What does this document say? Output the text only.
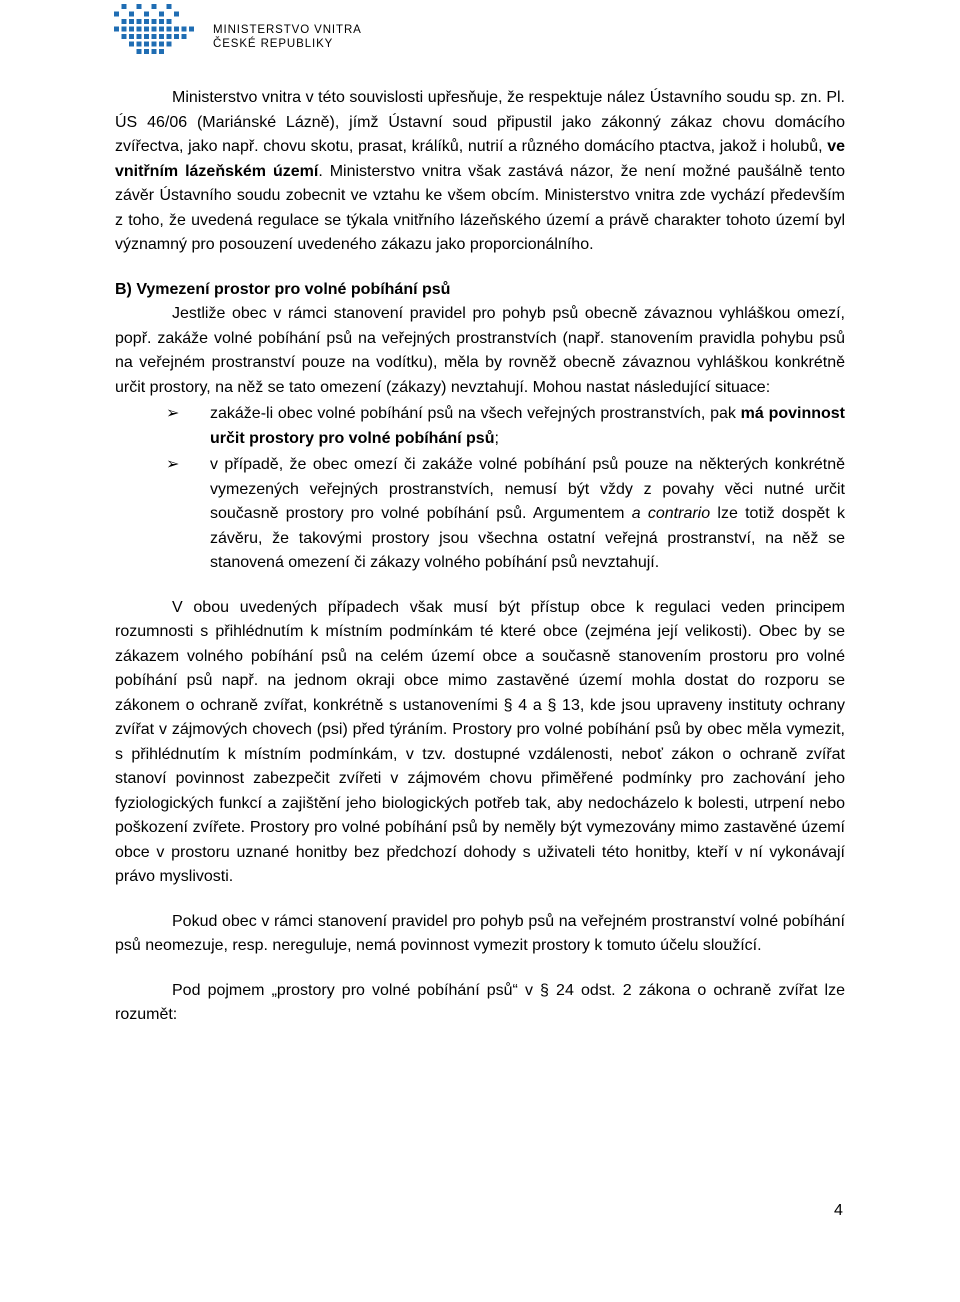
MINISTERSTVO VNITRA
ČESKÉ REPUBLIKY

Ministerstvo vnitra v této souvislosti upřesňuje, že respektuje nález Ústavního soudu sp. zn. Pl. ÚS 46/06 (Mariánské Lázně), jímž Ústavní soud připustil jako zákonný zákaz chovu domácího zvířectva, jako např. chovu skotu, prasat, králíků, nutrií a různého domácího ptactva, jakož i holubů, ve vnitřním lázeňském území. Ministerstvo vnitra však zastává názor, že není možné paušálně tento závěr Ústavního soudu zobecnit ve vztahu ke všem obcím. Ministerstvo vnitra zde vychází především z toho, že uvedená regulace se týkala vnitřního lázeňského území a právě charakter tohoto území byl významný pro posouzení uvedeného zákazu jako proporcionálního.

B) Vymezení prostor pro volné pobíhání psů

Jestliže obec v rámci stanovení pravidel pro pohyb psů obecně závaznou vyhláškou omezí, popř. zakáže volné pobíhání psů na veřejných prostranstvích (např. stanovením pravidla pohybu psů na veřejném prostranství pouze na vodítku), měla by rovněž obecně závaznou vyhláškou konkrétně určit prostory, na něž se tato omezení (zákazy) nevztahují. Mohou nastat následující situace:

➢ zakáže-li obec volné pobíhání psů na všech veřejných prostranstvích, pak má povinnost určit prostory pro volné pobíhání psů;
➢ v případě, že obec omezí či zakáže volné pobíhání psů pouze na některých konkrétně vymezených veřejných prostranstvích, nemusí být vždy z povahy věci nutné určit současně prostory pro volné pobíhání psů. Argumentem a contrario lze totiž dospět k závěru, že takovými prostory jsou všechna ostatní veřejná prostranství, na něž se stanovená omezení či zákazy volného pobíhání psů nevztahují.

V obou uvedených případech však musí být přístup obce k regulaci veden principem rozumnosti s přihlédnutím k místním podmínkám té které obce (zejména její velikosti). Obec by se zákazem volného pobíhání psů na celém území obce a současně stanovením prostoru pro volné pobíhání psů např. na jednom okraji obce mimo zastavěné území mohla dostat do rozporu se zákonem o ochraně zvířat, konkrétně s ustanoveními § 4 a § 13, kde jsou upraveny instituty ochrany zvířat v zájmových chovech (psi) před týráním. Prostory pro volné pobíhání psů by obec měla vymezit, s přihlédnutím k místním podmínkám, v tzv. dostupné vzdálenosti, neboť zákon o ochraně zvířat stanoví povinnost zabezpečit zvířeti v zájmovém chovu přiměřené podmínky pro zachování jeho fyziologických funkcí a zajištění jeho biologických potřeb tak, aby nedocházelo k bolesti, utrpení nebo poškození zvířete. Prostory pro volné pobíhání psů by neměly být vymezovány mimo zastavěné území obce v prostoru uznané honitby bez předchozí dohody s uživateli této honitby, kteří v ní vykonávají právo myslivosti.

Pokud obec v rámci stanovení pravidel pro pohyb psů na veřejném prostranství volné pobíhání psů neomezuje, resp. nereguluje, nemá povinnost vymezit prostory k tomuto účelu sloužící.

Pod pojmem „prostory pro volné pobíhání psů“ v § 24 odst. 2 zákona o ochraně zvířat lze rozumět:

4
